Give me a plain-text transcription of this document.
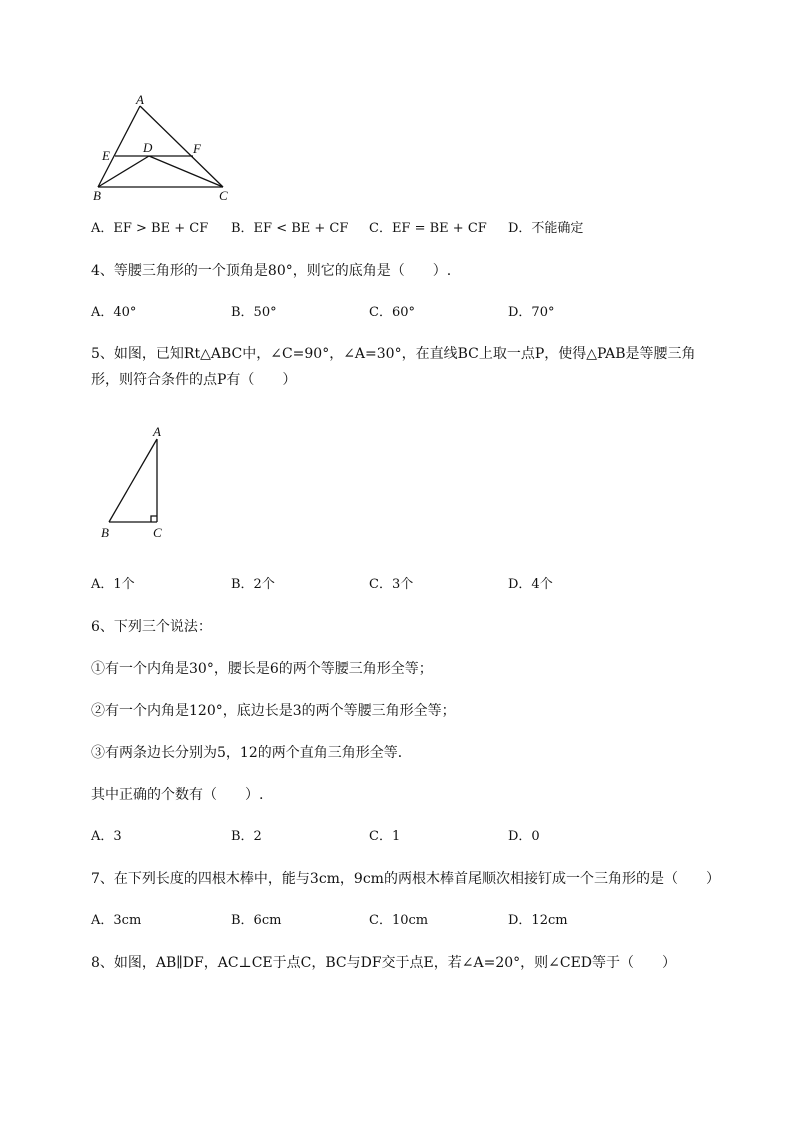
A
E
D	F
B	C
A．EF > BE + CF B．EF < BE + CF C．EF = BE + CF D．不能确定
4、等腰三角形的一个顶角是80°，则它的底角是（　　）.
A．40°	B．50°	C．60°	D．70°
5、如图，已知Rt△ABC中，∠C=90°，∠A=30°，在直线BC上取一点P，使得△PAB是等腰三角
形，则符合条件的点P有（　　）
A
B	C
A．1个	B．2个	C．3个	D．4个
6、下列三个说法：
①有一个内角是30°，腰长是6的两个等腰三角形全等；
②有一个内角是120°，底边长是3的两个等腰三角形全等；
③有两条边长分别为5，12的两个直角三角形全等．
其中正确的个数有（　　）.
A．3	B．2	C．1	D．0
7、在下列长度的四根木棒中，能与3cm，9cm的两根木棒首尾顺次相接钉成一个三角形的是（　　）
A．3cm	B．6cm	C．10cm	D．12cm
8、如图，AB∥DF，AC⊥CE于点C，BC与DF交于点E，若∠A=20°，则∠CED等于（　　）
